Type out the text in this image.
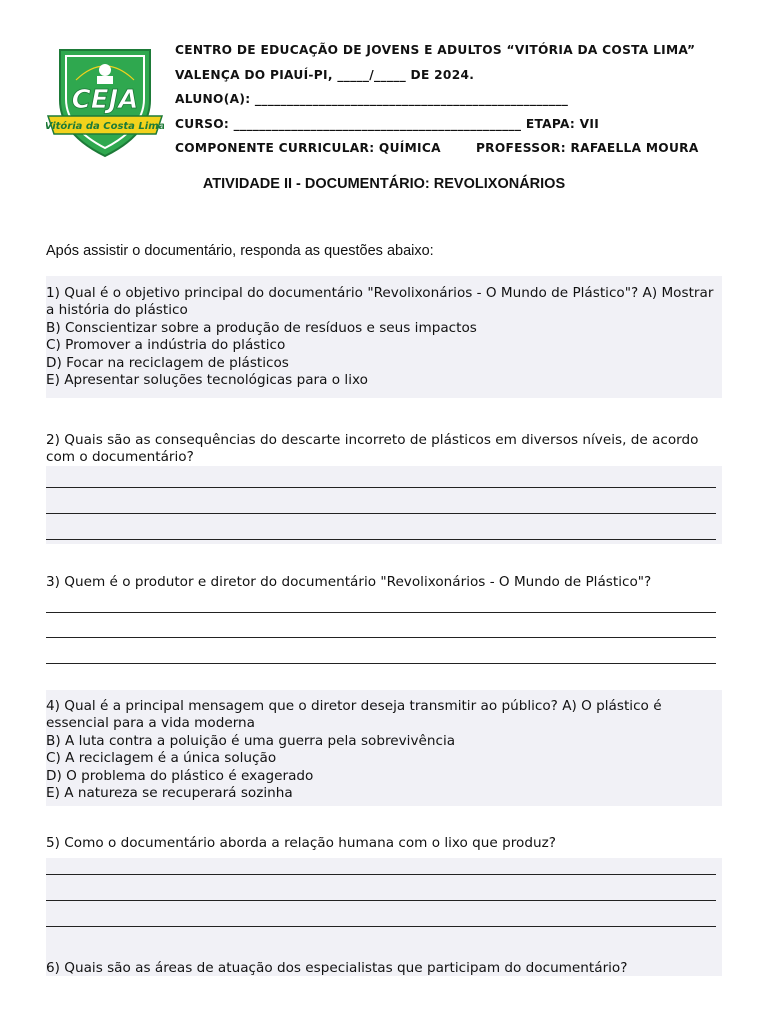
CEJA
Vitória da Costa Lima
CENTRO DE EDUCAÇÃO DE JOVENS E ADULTOS “VITÓRIA DA COSTA LIMA”
VALENÇA DO PIAUÍ-PI, _____/_____ DE 2024.
ALUNO(A): _________________________________________________
CURSO: _____________________________________________ ETAPA: VII
COMPONENTE CURRICULAR: QUÍMICA	PROFESSOR: RAFAELLA MOURA
ATIVIDADE II - DOCUMENTÁRIO: REVOLIXONÁRIOS
Após assistir o documentário, responda as questões abaixo:

1) Qual é o objetivo principal do documentário "Revolixonários - O Mundo de Plástico"? A) Mostrar a história do plástico

B) Conscientizar sobre a produção de resíduos e seus impactos

C) Promover a indústria do plástico

D) Focar na reciclagem de plásticos

E) Apresentar soluções tecnológicas para o lixo

2) Quais são as consequências do descarte incorreto de plásticos em diversos níveis, de acordo com o documentário?

3) Quem é o produtor e diretor do documentário "Revolixonários - O Mundo de Plástico"?

4) Qual é a principal mensagem que o diretor deseja transmitir ao público? A) O plástico é essencial para a vida moderna

B) A luta contra a poluição é uma guerra pela sobrevivência

C) A reciclagem é a única solução

D) O problema do plástico é exagerado

E) A natureza se recuperará sozinha

5) Como o documentário aborda a relação humana com o lixo que produz?

6) Quais são as áreas de atuação dos especialistas que participam do documentário?
